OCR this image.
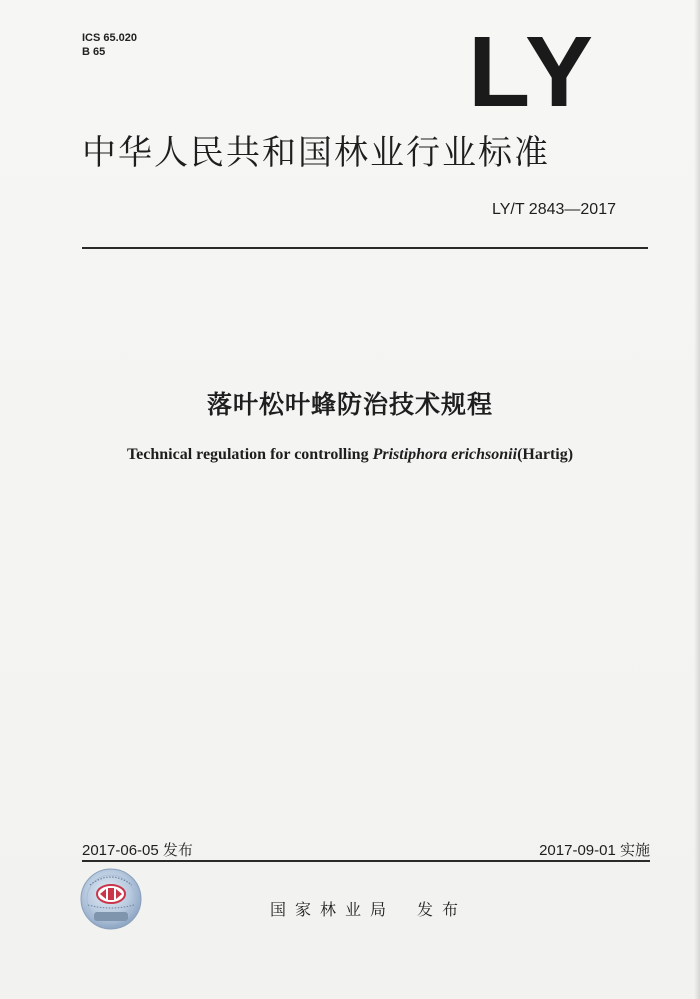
ICS 65.020
B 65	LY
中华人民共和国林业行业标准
LY/T 2843—2017
落叶松叶蜂防治技术规程
Technical regulation for controlling Pristiphora erichsonii(Hartig)
2017-06-05 发布	2017-09-01 实施
国家林业局 发布
